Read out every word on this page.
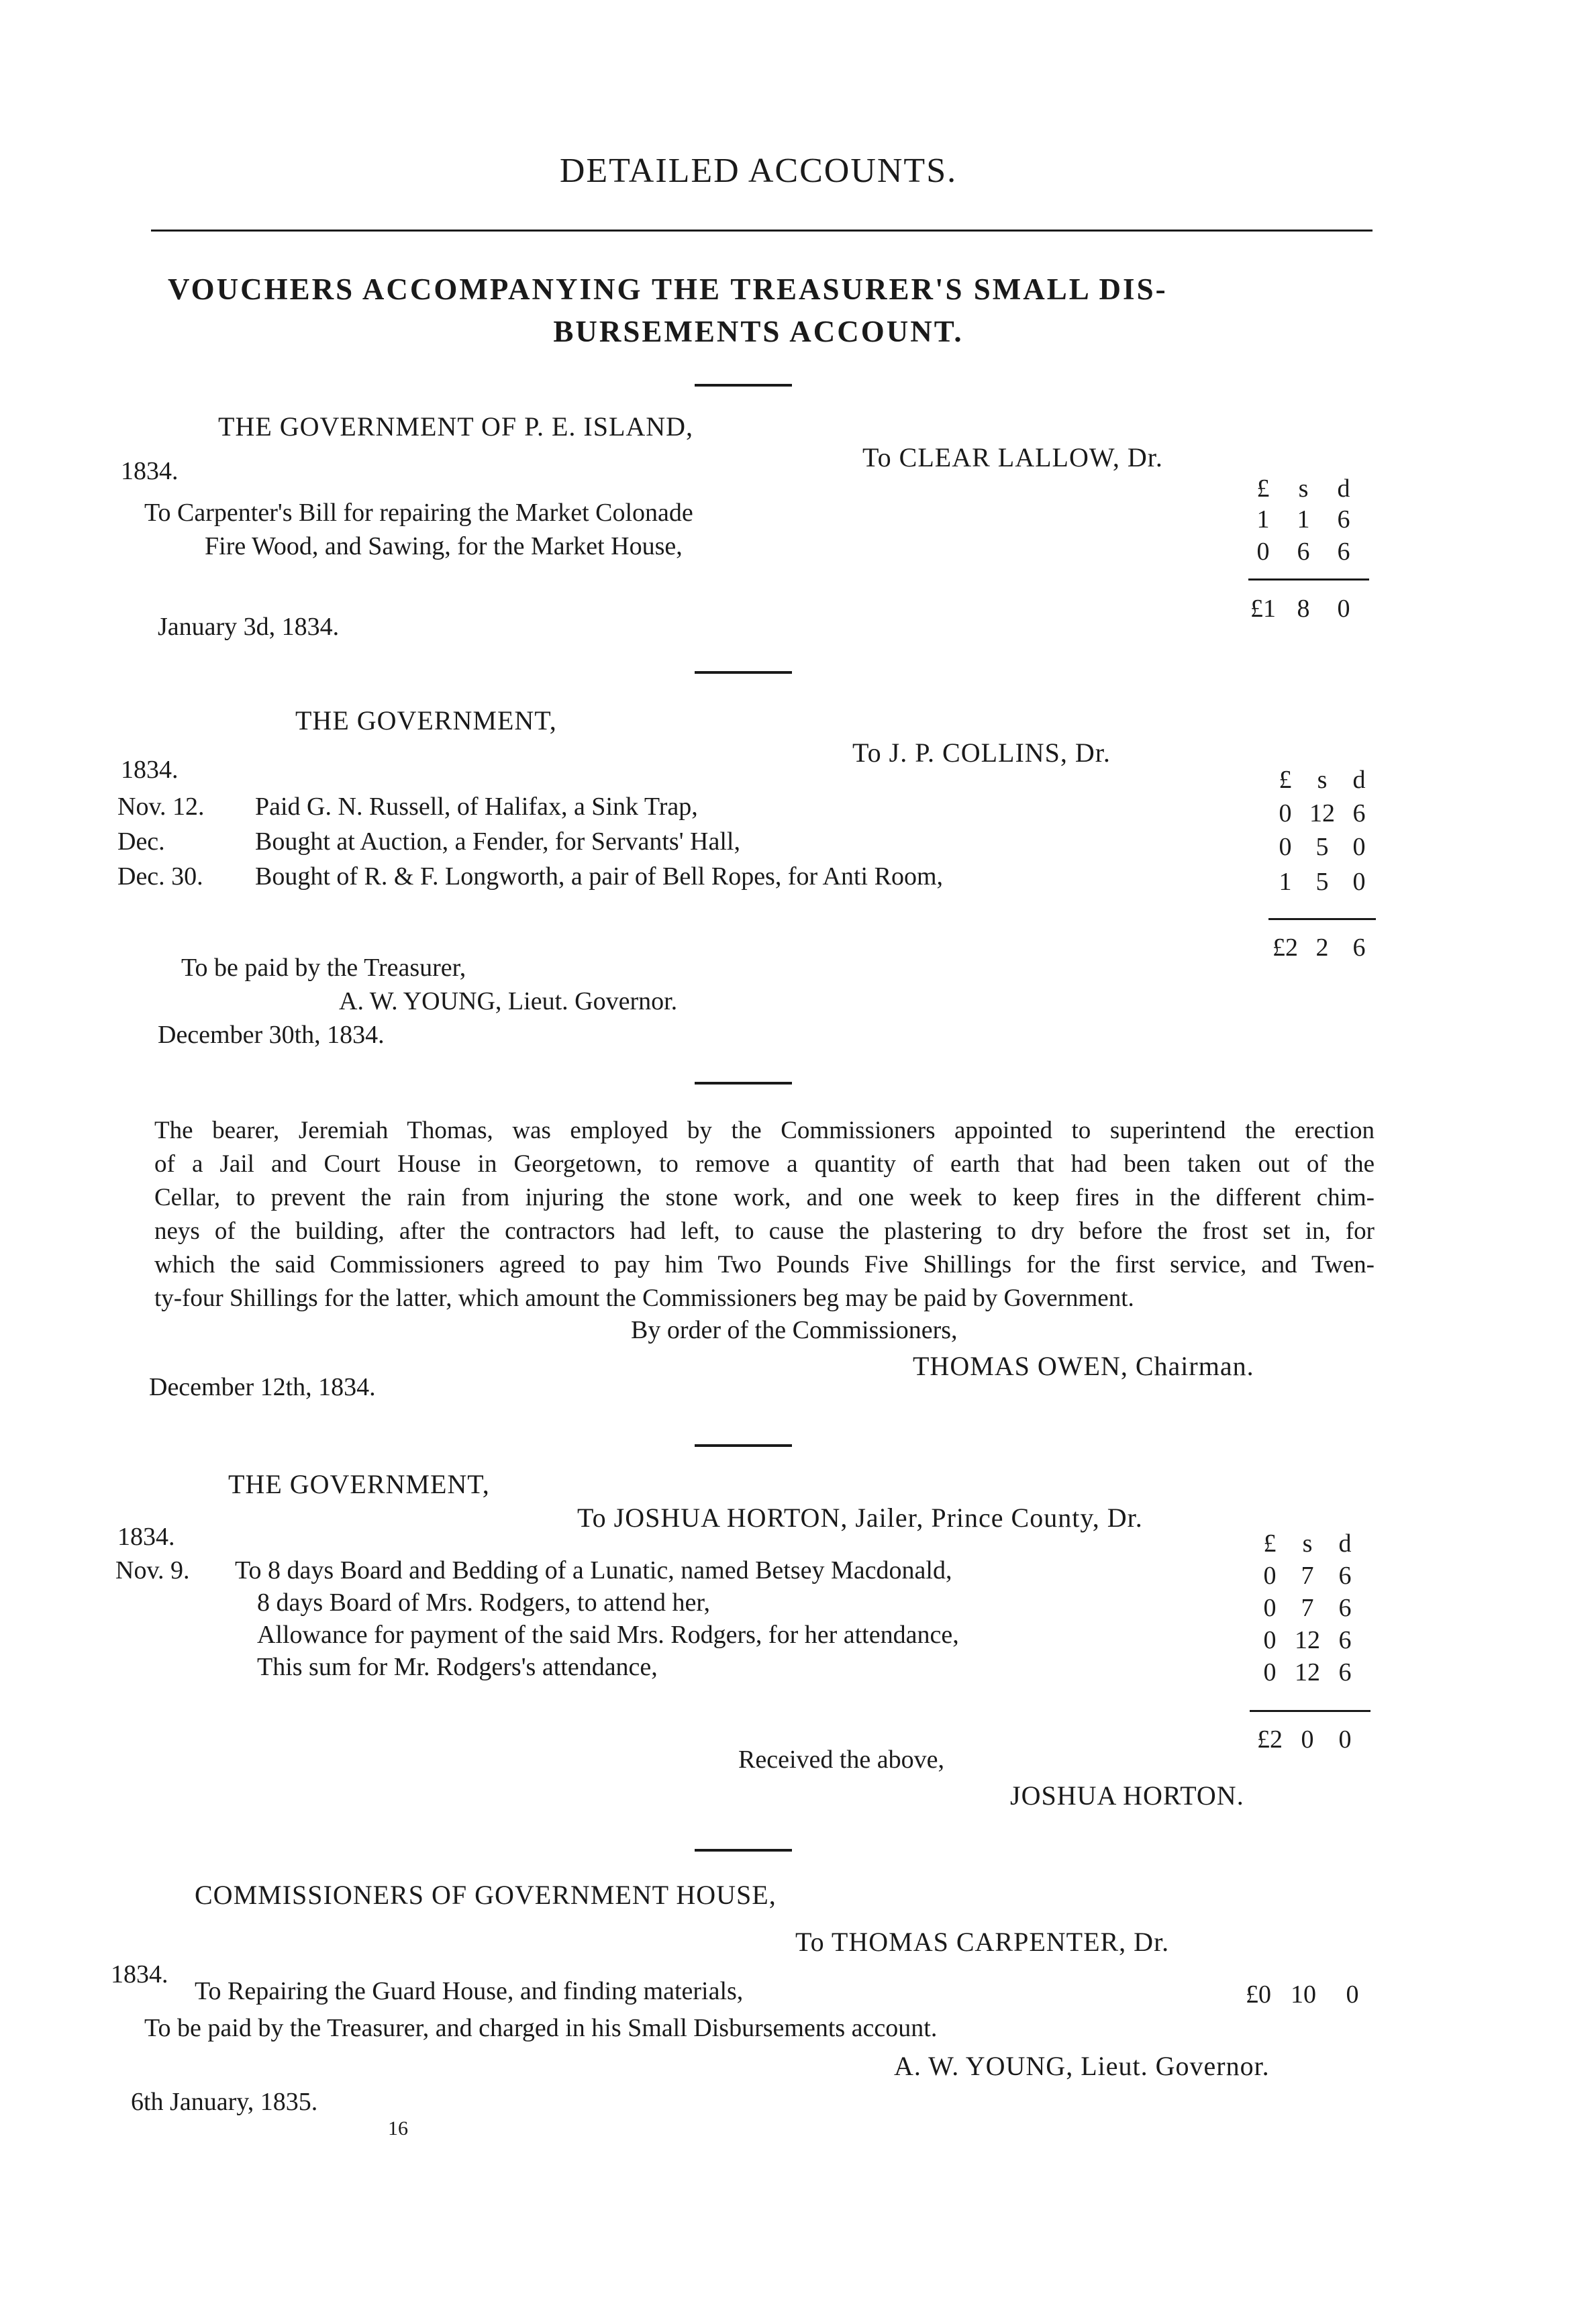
DETAILED ACCOUNTS.
VOUCHERS ACCOMPANYING THE TREASURER'S SMALL DIS-
BURSEMENTS ACCOUNT.
THE GOVERNMENT OF P. E. ISLAND,
To CLEAR LALLOW, Dr.
1834.
£	s	d
To Carpenter's Bill for repairing the Market Colonade	1	1	6
Fire Wood, and Sawing, for the Market House,	0	6	6
£1 8	0
January 3d, 1834.
THE GOVERNMENT,
To J. P. COLLINS, Dr.
1834.	£	s	d
Nov. 12. Paid G. N. Russell, of Halifax, a Sink Trap,	0 12 6
Dec.	Bought at Auction, a Fender, for Servants' Hall,	0 5 0
Dec. 30. Bought of R. & F. Longworth, a pair of Bell Ropes, for Anti Room,	1 5 0
£2 2 6
To be paid by the Treasurer,
A. W. YOUNG, Lieut. Governor.
December 30th, 1834.
The bearer, Jeremiah Thomas, was employed by the Commissioners appointed to superintend the erection
of a Jail and Court House in Georgetown, to remove a quantity of earth that had been taken out of the
Cellar, to prevent the rain from injuring the stone work, and one week to keep fires in the different chim-
neys of the building, after the contractors had left, to cause the plastering to dry before the frost set in, for
which the said Commissioners agreed to pay him Two Pounds Five Shillings for the first service, and Twen-
ty-four Shillings for the latter, which amount the Commissioners beg may be paid by Government.
By order of the Commissioners,
THOMAS OWEN, Chairman.
December 12th, 1834.
THE GOVERNMENT,
To JOSHUA HORTON, Jailer, Prince County, Dr.
1834.	£	s	d
Nov. 9. To 8 days Board and Bedding of a Lunatic, named Betsey Macdonald,	0 7 6
8 days Board of Mrs. Rodgers, to attend her,	0 7 6
Allowance for payment of the said Mrs. Rodgers, for her attendance,	0 12 6
This sum for Mr. Rodgers's attendance,	0 12 6
£2 0 0
Received the above,
JOSHUA HORTON.
COMMISSIONERS OF GOVERNMENT HOUSE,
To THOMAS CARPENTER, Dr.
1834.
To Repairing the Guard House, and finding materials,	£0 10	0
To be paid by the Treasurer, and charged in his Small Disbursements account.
A. W. YOUNG, Lieut. Governor.
6th January, 1835.
16
